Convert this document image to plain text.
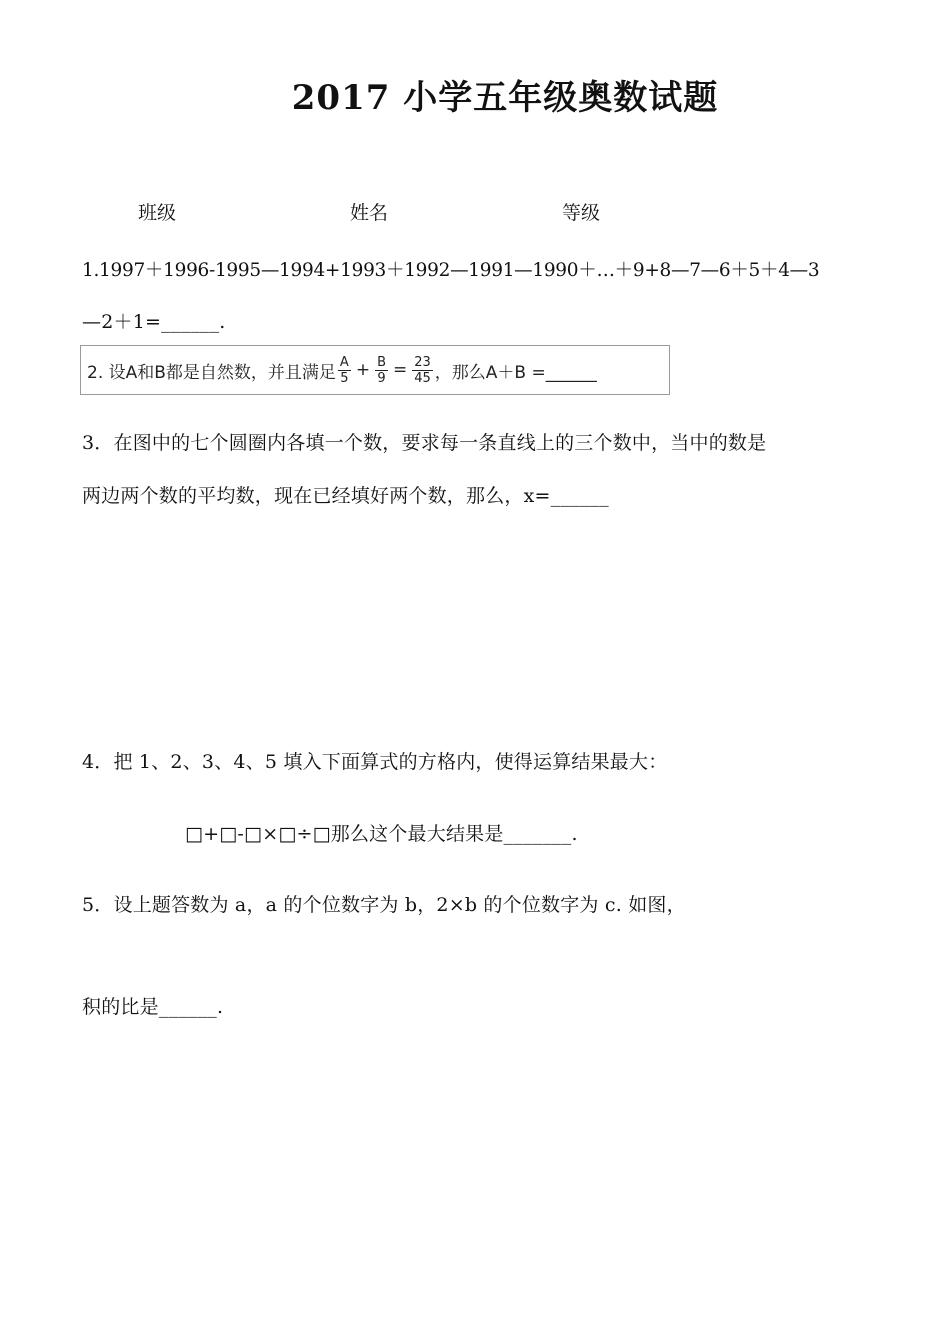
2017 小学五年级奥数试题
班级	姓名	等级
1.1997＋1996-1995—1994+1993＋1992—1991—1990＋…＋9+8—7—6＋5＋4—3
—2＋1=______.
2. 设A和B都是自然数，并且满足 $\frac{A}{5} + \frac{B}{9} = \frac{23}{45}$ ，那么A＋B =______
3．在图中的七个圆圈内各填一个数，要求每一条直线上的三个数中，当中的数是
两边两个数的平均数，现在已经填好两个数，那么，x=______
4．把 1、2、3、4、5 填入下面算式的方格内，使得运算结果最大：
□+□-□×□÷□那么这个最大结果是_______.
5．设上题答数为 a，a 的个位数字为 b，2×b 的个位数字为 c. 如图，
积的比是______.
